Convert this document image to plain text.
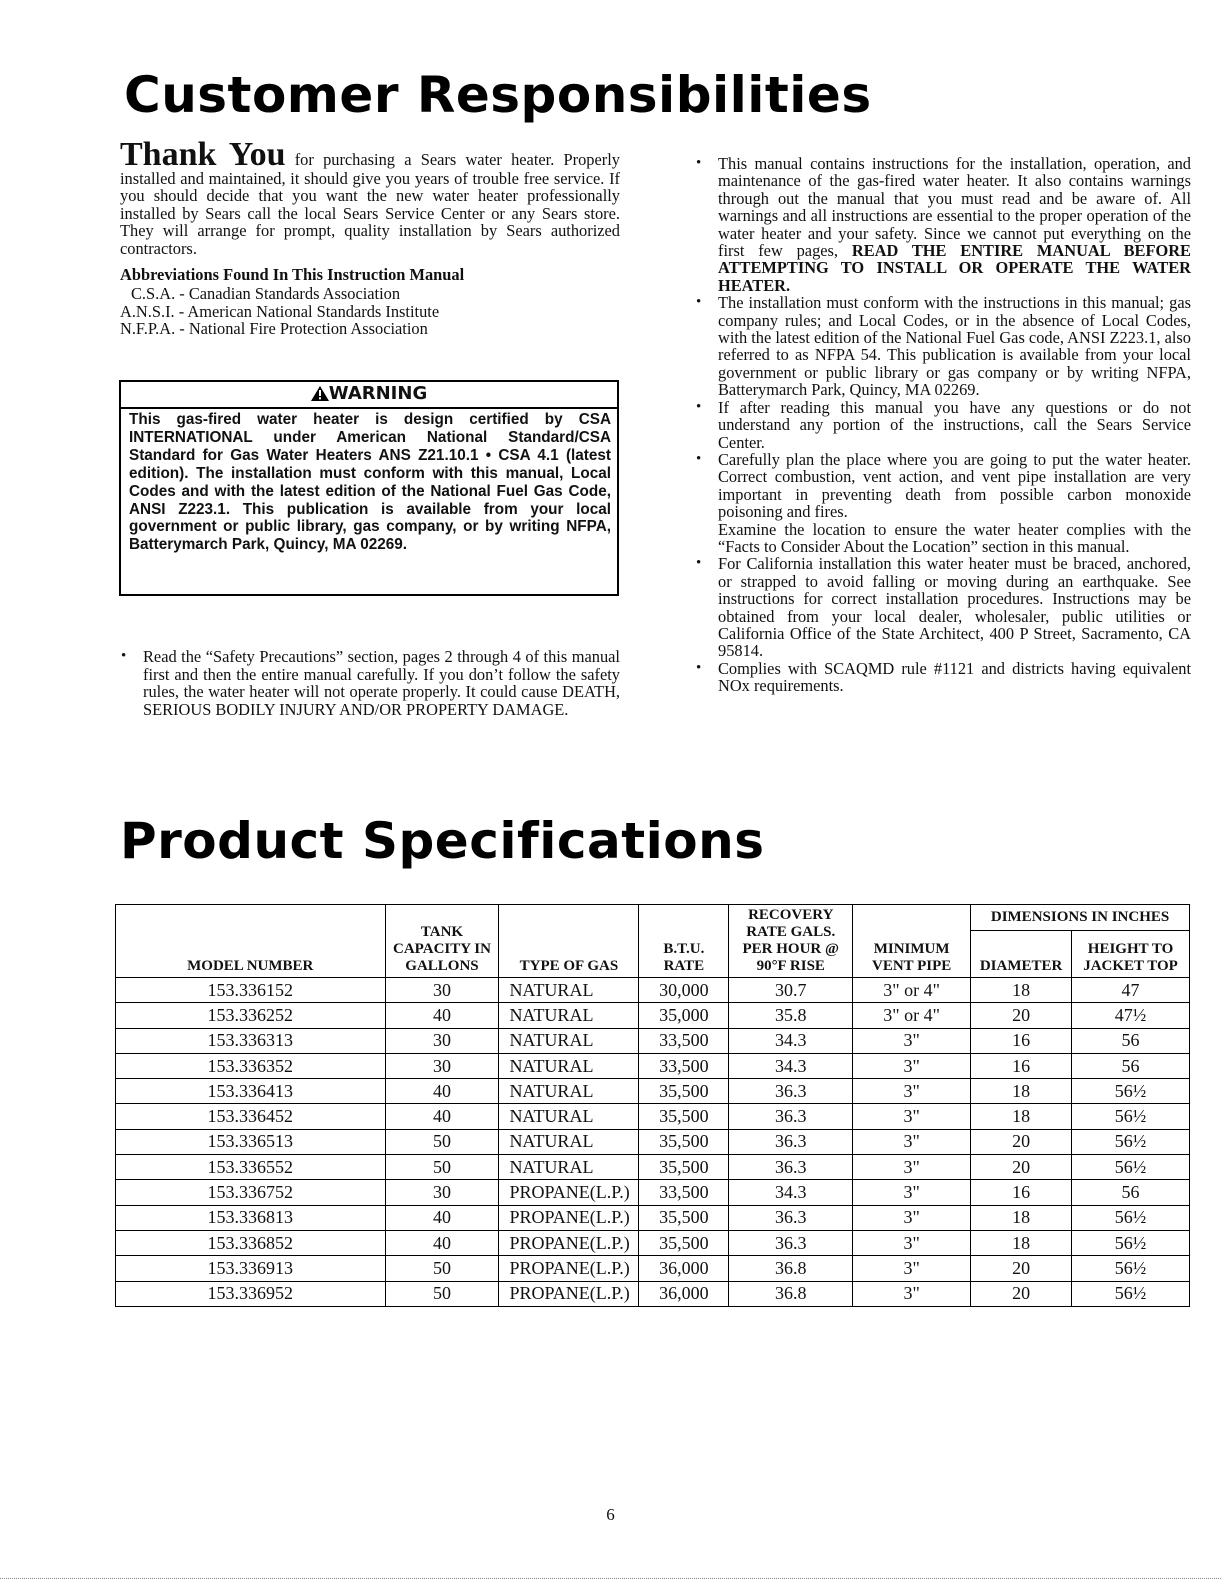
Customer Responsibilities
Thank You for purchasing a Sears water heater. Properly installed and maintained, it should give you years of trouble free service. If you should decide that you want the new water heater professionally installed by Sears call the local Sears Service Center or any Sears store. They will arrange for prompt, quality installation by Sears authorized contractors.
Abbreviations Found In This Instruction Manual
C.S.A. - Canadian Standards Association
A.N.S.I. - American National Standards Institute
N.F.P.A. - National Fire Protection Association
WARNING
This gas-fired water heater is design certified by CSA INTERNATIONAL under American National Standard/CSA Standard for Gas Water Heaters ANS Z21.10.1 • CSA 4.1 (latest edition). The installation must conform with this manual, Local Codes and with the latest edition of the National Fuel Gas Code, ANSI Z223.1. This publication is available from your local government or public library, gas company, or by writing NFPA, Batterymarch Park, Quincy, MA 02269.
• Read the “Safety Precautions” section, pages 2 through 4 of this manual first and then the entire manual carefully. If you don’t follow the safety rules, the water heater will not operate properly. It could cause DEATH, SERIOUS BODILY INJURY AND/OR PROPERTY DAMAGE.
• This manual contains instructions for the installation, operation, and maintenance of the gas-fired water heater. It also contains warnings through out the manual that you must read and be aware of. All warnings and all instructions are essential to the proper operation of the water heater and your safety. Since we cannot put everything on the first few pages, READ THE ENTIRE MANUAL BEFORE ATTEMPTING TO INSTALL OR OPERATE THE WATER HEATER.
• The installation must conform with the instructions in this manual; gas company rules; and Local Codes, or in the absence of Local Codes, with the latest edition of the National Fuel Gas code, ANSI Z223.1, also referred to as NFPA 54. This publication is available from your local government or public library or gas company or by writing NFPA, Batterymarch Park, Quincy, MA 02269.
• If after reading this manual you have any questions or do not understand any portion of the instructions, call the Sears Service Center.
• Carefully plan the place where you are going to put the water heater. Correct combustion, vent action, and vent pipe installation are very important in preventing death from possible carbon monoxide poisoning and fires.
Examine the location to ensure the water heater complies with the “Facts to Consider About the Location” section in this manual.
• For California installation this water heater must be braced, anchored, or strapped to avoid falling or moving during an earthquake. See instructions for correct installation procedures. Instructions may be obtained from your local dealer, wholesaler, public utilities or California Office of the State Architect, 400 P Street, Sacramento, CA 95814.
• Complies with SCAQMD rule #1121 and districts having equivalent NOx requirements.
Product Specifications
MODEL NUMBER	TANK CAPACITY IN GALLONS	TYPE OF GAS	B.T.U. RATE	RECOVERY RATE GALS. PER HOUR @ 90°F RISE	MINIMUM VENT PIPE	DIMENSIONS IN INCHES	
						DIAMETER	HEIGHT TO JACKET TOP
153.336152	30	NATURAL	30,000	30.7	3" or 4"	18	47
153.336252	40	NATURAL	35,000	35.8	3" or 4"	20	47½
153.336313	30	NATURAL	33,500	34.3	3"	16	56
153.336352	30	NATURAL	33,500	34.3	3"	16	56
153.336413	40	NATURAL	35,500	36.3	3"	18	56½
153.336452	40	NATURAL	35,500	36.3	3"	18	56½
153.336513	50	NATURAL	35,500	36.3	3"	20	56½
153.336552	50	NATURAL	35,500	36.3	3"	20	56½
153.336752	30	PROPANE(L.P.)	33,500	34.3	3"	16	56
153.336813	40	PROPANE(L.P.)	35,500	36.3	3"	18	56½
153.336852	40	PROPANE(L.P.)	35,500	36.3	3"	18	56½
153.336913	50	PROPANE(L.P.)	36,000	36.8	3"	20	56½
153.336952	50	PROPANE(L.P.)	36,000	36.8	3"	20	56½
6
